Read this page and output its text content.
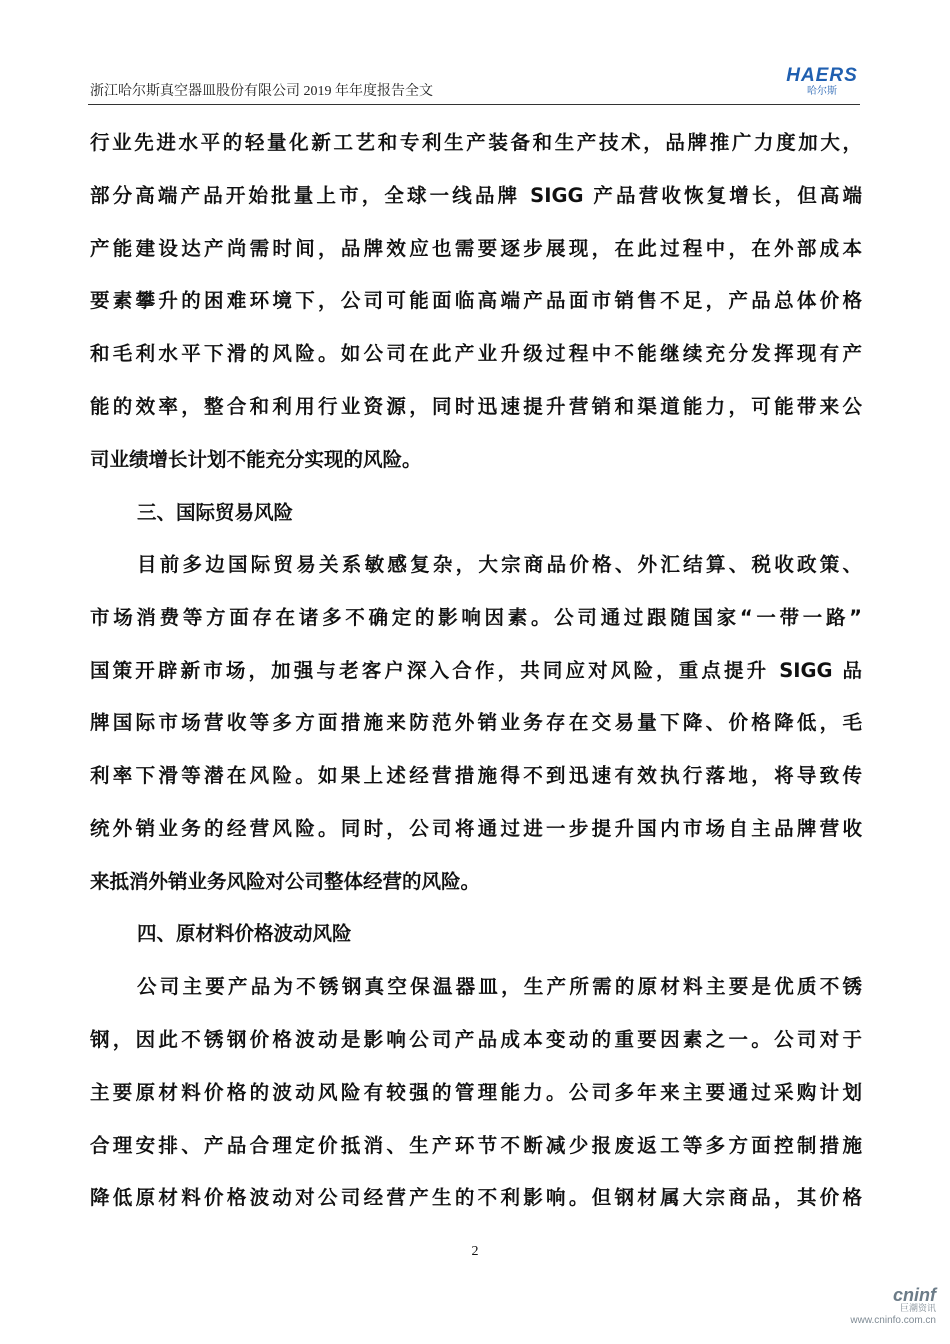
浙江哈尔斯真空器皿股份有限公司 2019 年年度报告全文
HAERS
哈尔斯
行业先进水平的轻量化新工艺和专利生产装备和生产技术，品牌推广力度加大，
部分高端产品开始批量上市，全球一线品牌 SIGG 产品营收恢复增长，但高端
产能建设达产尚需时间，品牌效应也需要逐步展现，在此过程中，在外部成本
要素攀升的困难环境下，公司可能面临高端产品面市销售不足，产品总体价格
和毛利水平下滑的风险。如公司在此产业升级过程中不能继续充分发挥现有产
能的效率，整合和利用行业资源，同时迅速提升营销和渠道能力，可能带来公
司业绩增长计划不能充分实现的风险。
三、国际贸易风险
目前多边国际贸易关系敏感复杂，大宗商品价格、外汇结算、税收政策、
市场消费等方面存在诸多不确定的影响因素。公司通过跟随国家“一带一路”
国策开辟新市场，加强与老客户深入合作，共同应对风险，重点提升 SIGG 品
牌国际市场营收等多方面措施来防范外销业务存在交易量下降、价格降低，毛
利率下滑等潜在风险。如果上述经营措施得不到迅速有效执行落地，将导致传
统外销业务的经营风险。同时，公司将通过进一步提升国内市场自主品牌营收
来抵消外销业务风险对公司整体经营的风险。
四、原材料价格波动风险
公司主要产品为不锈钢真空保温器皿，生产所需的原材料主要是优质不锈
钢，因此不锈钢价格波动是影响公司产品成本变动的重要因素之一。公司对于
主要原材料价格的波动风险有较强的管理能力。公司多年来主要通过采购计划
合理安排、产品合理定价抵消、生产环节不断减少报废返工等多方面控制措施
降低原材料价格波动对公司经营产生的不利影响。但钢材属大宗商品，其价格
2
cninf
巨潮资讯
www.cninfo.com.cn
